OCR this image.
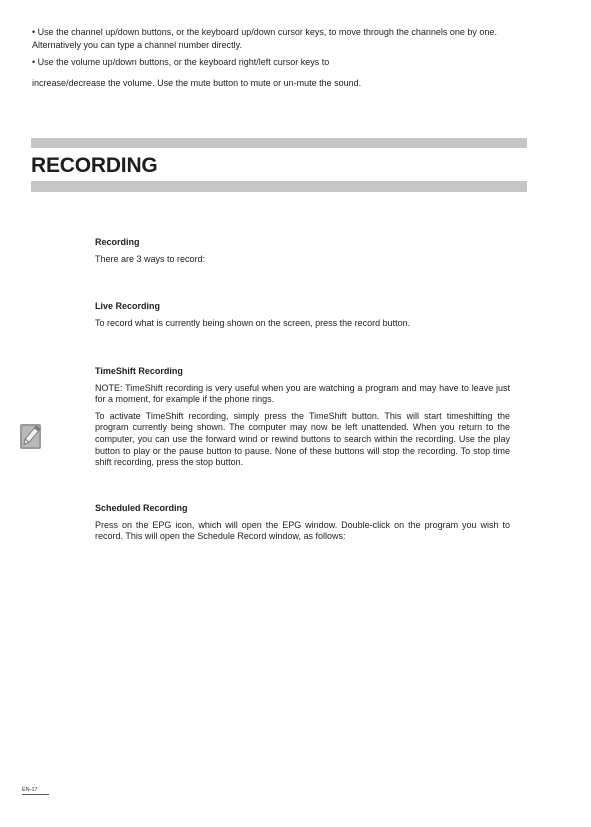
• Use the channel up/down buttons, or the keyboard up/down cursor keys, to move through the channels one by one. Alternatively you can type a channel number directly.

• Use the volume up/down buttons, or the keyboard right/left cursor keys to

increase/decrease the volume. Use the mute button to mute or un-mute the sound.

RECORDING
Recording

There are 3 ways to record:

Live Recording

To record what is currently being shown on the screen, press the record button.

TimeShift Recording

NOTE: TimeShift recording is very useful when you are watching a program and may have to leave just for a moment, for example if the phone rings.

To activate TimeShift recording, simply press the TimeShift button. This will start timeshifting the program currently being shown. The computer may now be left unattended. When you return to the computer, you can use the forward wind or rewind buttons to search within the recording. Use the play button to play or the pause button to pause. None of these buttons will stop the recording. To stop time shift recording, press the stop button.

Scheduled Recording

Press on the EPG icon, which will open the EPG window. Double-click on the program you wish to record. This will open the Schedule Record window, as follows:

EN-17
